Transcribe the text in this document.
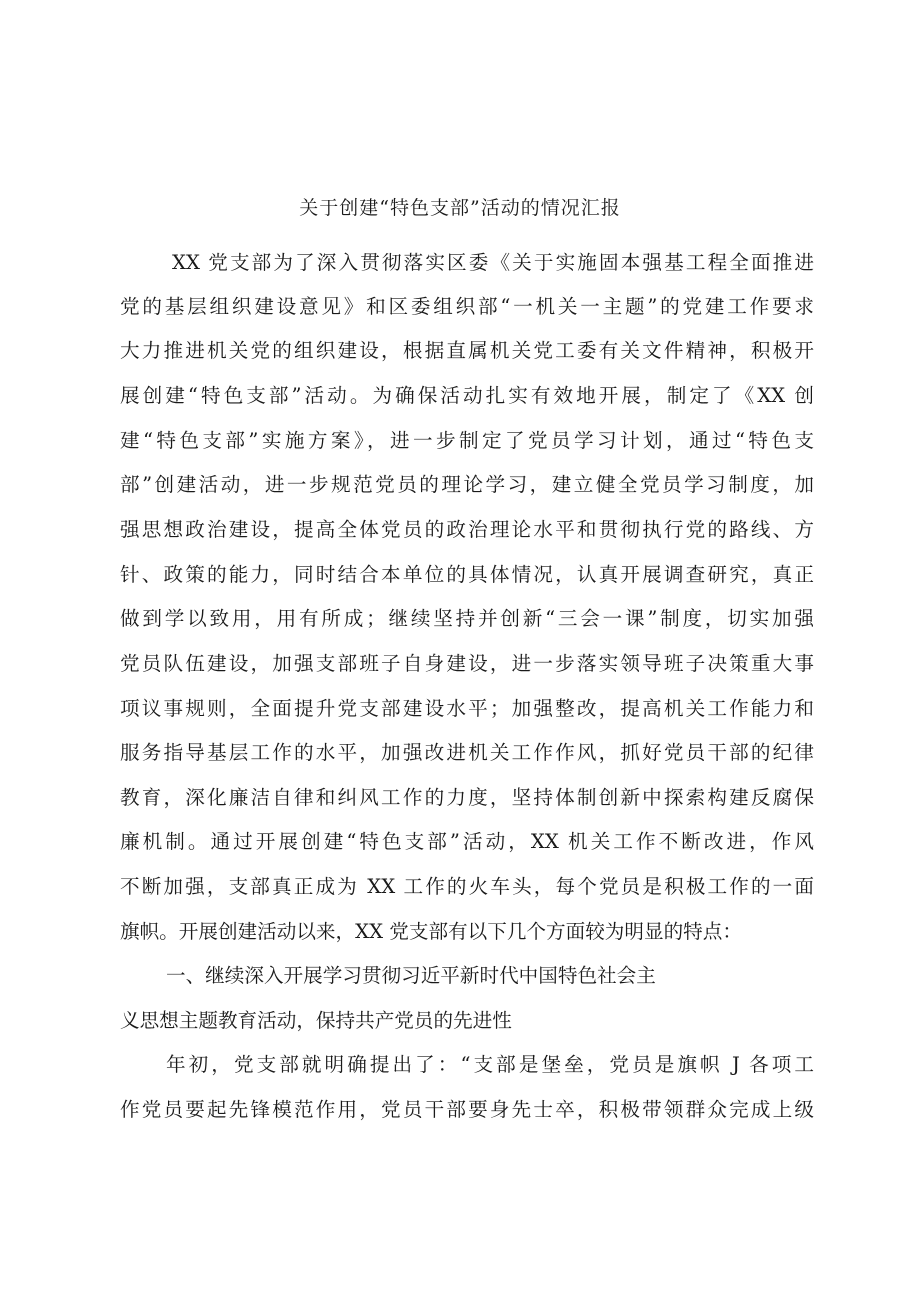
关于创建“特色支部”活动的情况汇报
XX 党支部为了深入贯彻落实区委《关于实施固本强基工程全面推进
党的基层组织建设意见》和区委组织部“一机关一主题”的党建工作要求
大力推进机关党的组织建设，根据直属机关党工委有关文件精神，积极开
展创建“特色支部”活动。为确保活动扎实有效地开展，制定了《XX 创
建“特色支部”实施方案》，进一步制定了党员学习计划，通过“特色支
部”创建活动，进一步规范党员的理论学习，建立健全党员学习制度，加
强思想政治建设，提高全体党员的政治理论水平和贯彻执行党的路线、方
针、政策的能力，同时结合本单位的具体情况，认真开展调查研究，真正
做到学以致用，用有所成；继续坚持并创新“三会一课”制度，切实加强
党员队伍建设，加强支部班子自身建设，进一步落实领导班子决策重大事
项议事规则，全面提升党支部建设水平；加强整改，提高机关工作能力和
服务指导基层工作的水平，加强改进机关工作作风，抓好党员干部的纪律
教育，深化廉洁自律和纠风工作的力度，坚持体制创新中探索构建反腐保
廉机制。通过开展创建“特色支部”活动，XX 机关工作不断改进，作风
不断加强，支部真正成为 XX 工作的火车头，每个党员是积极工作的一面
旗帜。开展创建活动以来，XX 党支部有以下几个方面较为明显的特点：
一、继续深入开展学习贯彻习近平新时代中国特色社会主
义思想主题教育活动，保持共产党员的先进性
年初，党支部就明确提出了：“支部是堡垒，党员是旗帜 J 各项工
作党员要起先锋模范作用，党员干部要身先士卒，积极带领群众完成上级
